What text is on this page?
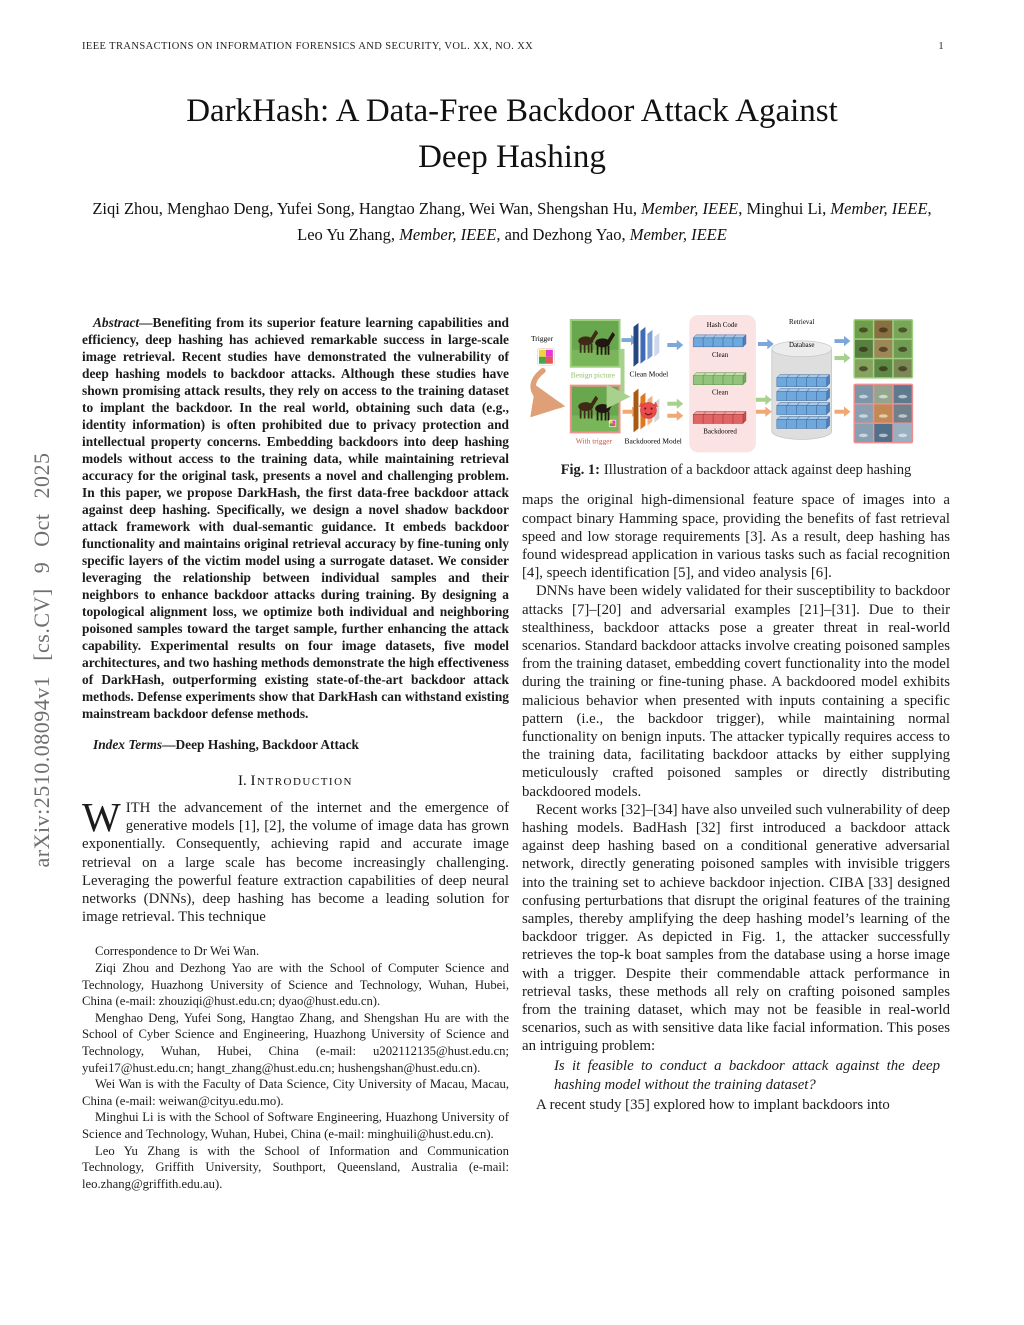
arXiv:2510.08094v1 [cs.CV] 9 Oct 2025
IEEE TRANSACTIONS ON INFORMATION FORENSICS AND SECURITY, VOL. XX, NO. XX	1
DarkHash: A Data-Free Backdoor Attack Against
Deep Hashing
Ziqi Zhou, Menghao Deng, Yufei Song, Hangtao Zhang, Wei Wan, Shengshan Hu, Member, IEEE, Minghui Li, Member, IEEE, Leo Yu Zhang, Member, IEEE, and Dezhong Yao, Member, IEEE

Abstract—Benefiting from its superior feature learning capabilities and efficiency, deep hashing has achieved remarkable success in large-scale image retrieval. Recent studies have demonstrated the vulnerability of deep hashing models to backdoor attacks. Although these studies have shown promising attack results, they rely on access to the training dataset to implant the backdoor. In the real world, obtaining such data (e.g., identity information) is often prohibited due to privacy protection and intellectual property concerns. Embedding backdoors into deep hashing models without access to the training data, while maintaining retrieval accuracy for the original task, presents a novel and challenging problem. In this paper, we propose DarkHash, the first data-free backdoor attack against deep hashing. Specifically, we design a novel shadow backdoor attack framework with dual-semantic guidance. It embeds backdoor functionality and maintains original retrieval accuracy by fine-tuning only specific layers of the victim model using a surrogate dataset. We consider leveraging the relationship between individual samples and their neighbors to enhance backdoor attacks during training. By designing a topological alignment loss, we optimize both individual and neighboring poisoned samples toward the target sample, further enhancing the attack capability. Experimental results on four image datasets, five model architectures, and two hashing methods demonstrate the high effectiveness of DarkHash, outperforming existing state-of-the-art backdoor attack methods. Defense experiments show that DarkHash can withstand existing mainstream backdoor defense methods.

Index Terms—Deep Hashing, Backdoor Attack

I. Introduction

WITH the advancement of the internet and the emergence of generative models [1], [2], the volume of image data has grown exponentially. Consequently, achieving rapid and accurate image retrieval on a large scale has become increasingly challenging. Leveraging the powerful feature extraction capabilities of deep neural networks (DNNs), deep hashing has become a leading solution for image retrieval. This technique

Correspondence to Dr Wei Wan.

Ziqi Zhou and Dezhong Yao are with the School of Computer Science and Technology, Huazhong University of Science and Technology, Wuhan, Hubei, China (e-mail: zhouziqi@hust.edu.cn; dyao@hust.edu.cn).

Menghao Deng, Yufei Song, Hangtao Zhang, and Shengshan Hu are with the School of Cyber Science and Engineering, Huazhong University of Science and Technology, Wuhan, Hubei, China (e-mail: u202112135@hust.edu.cn; yufei17@hust.edu.cn; hangt_zhang@hust.edu.cn; hushengshan@hust.edu.cn).

Wei Wan is with the Faculty of Data Science, City University of Macau, Macau, China (e-mail: weiwan@cityu.edu.mo).

Minghui Li is with the School of Software Engineering, Huazhong University of Science and Technology, Wuhan, Hubei, China (e-mail: minghuili@hust.edu.cn).

Leo Yu Zhang is with the School of Information and Communication Technology, Griffith University, Southport, Queensland, Australia (e-mail: leo.zhang@griffith.edu.au).

Trigger
Benign picture
With trigger
Clean Model
Backdoored Model
Hash Code
Clean
Clean
Backdoored
Retrieval
Database

Fig. 1: Illustration of a backdoor attack against deep hashing

maps the original high-dimensional feature space of images into a compact binary Hamming space, providing the benefits of fast retrieval speed and low storage requirements [3]. As a result, deep hashing has found widespread application in various tasks such as facial recognition [4], speech identification [5], and video analysis [6].

DNNs have been widely validated for their susceptibility to backdoor attacks [7]–[20] and adversarial examples [21]–[31]. Due to their stealthiness, backdoor attacks pose a greater threat in real-world scenarios. Standard backdoor attacks involve creating poisoned samples from the training dataset, embedding covert functionality into the model during the training or fine-tuning phase. A backdoored model exhibits malicious behavior when presented with inputs containing a specific pattern (i.e., the backdoor trigger), while maintaining normal functionality on benign inputs. The attacker typically requires access to the training data, facilitating backdoor attacks by either supplying meticulously crafted poisoned samples or directly distributing backdoored models.

Recent works [32]–[34] have also unveiled such vulnerability of deep hashing models. BadHash [32] first introduced a backdoor attack against deep hashing based on a conditional generative adversarial network, directly generating poisoned samples with invisible triggers into the training set to achieve backdoor injection. CIBA [33] designed confusing perturbations that disrupt the original features of the training samples, thereby amplifying the deep hashing model’s learning of the backdoor trigger. As depicted in Fig. 1, the attacker successfully retrieves the top-k boat samples from the database using a horse image with a trigger. Despite their commendable attack performance in retrieval tasks, these methods all rely on crafting poisoned samples from the training dataset, which may not be feasible in real-world scenarios, such as with sensitive data like facial information. This poses an intriguing problem:

Is it feasible to conduct a backdoor attack against the deep hashing model without the training dataset?

A recent study [35] explored how to implant backdoors into
